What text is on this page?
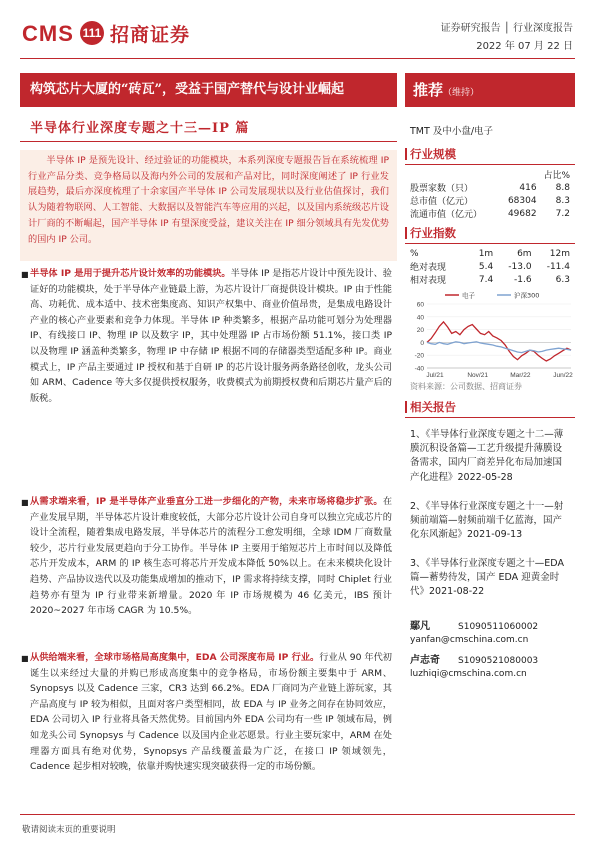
CMS 111 招商证券	证券研究报告 │ 行业深度报告
2022 年 07 月 22 日
构筑芯片大厦的“砖瓦”，受益于国产替代与设计业崛起
半导体行业深度专题之十三—IP 篇
半导体 IP 是预先设计、经过验证的功能模块，本系列深度专题报告旨在系统梳理 IP 行业产品分类、竞争格局以及海内外公司的发展和产品对比，同时深度阐述了 IP 行业发展趋势，最后亦深度梳理了十余家国产半导体 IP 公司发展现状以及行业估值探讨，我们认为随着物联网、人工智能、大数据以及智能汽车等应用的兴起，以及国内系统级芯片设计厂商的不断崛起，国产半导体 IP 有望深度受益，建议关注在 IP 细分领域具有先发优势的国内 IP 公司。
■ 半导体 IP 是用于提升芯片设计效率的功能模块。半导体 IP 是指芯片设计中预先设计、验证好的功能模块，处于半导体产业链最上游，为芯片设计厂商提供设计模块。IP 由于性能高、功耗优、成本适中、技术密集度高、知识产权集中、商业价值昂贵，是集成电路设计产业的核心产业要素和竞争力体现。半导体 IP 种类繁多，根据产品功能可划分为处理器 IP、有线接口 IP、物理 IP 以及数字 IP，其中处理器 IP 占市场份额 51.1%，接口类 IP 以及物理 IP 涵盖种类繁多，物理 IP 中存储 IP 根据不同的存储器类型适配多种 IP。商业模式上，IP 产品主要通过 IP 授权和基于自研 IP 的芯片设计服务两条路径创收，龙头公司如 ARM、Cadence 等大多仅提供授权服务，收费模式为前期授权费和后期芯片量产后的版税。
■ 从需求端来看，IP 是半导体产业垂直分工进一步细化的产物，未来市场将稳步扩张。在产业发展早期，半导体芯片设计难度较低，大部分芯片设计公司自身可以独立完成芯片的设计全流程，随着集成电路发展，半导体芯片的流程分工愈发明细，全球 IDM 厂商数量较少，芯片行业发展更趋向于分工协作。半导体 IP 主要用于缩短芯片上市时间以及降低芯片开发成本，ARM 的 IP 核生态可将芯片开发成本降低 50%以上。在未来模块化设计趋势、产品协议迭代以及功能集成增加的推动下，IP 需求将持续支撑，同时 Chiplet 行业趋势亦有望为 IP 行业带来新增量。2020 年 IP 市场规模为 46 亿美元，IBS 预计 2020~2027 年市场 CAGR 为 10.5%。
■ 从供给端来看，全球市场格局高度集中，EDA 公司深度布局 IP 行业。行业从 90 年代初诞生以来经过大量的并购已形成高度集中的竞争格局，市场份额主要集中于 ARM、Synopsys 以及 Cadence 三家，CR3 达到 66.2%。EDA 厂商同为产业链上游玩家，其产品高度与 IP 较为相似，且面对客户类型相同，故 EDA 与 IP 业务之间存在协同效应，EDA 公司切入 IP 行业将具备天然优势。目前国内外 EDA 公司均有一些 IP 领域布局，例如龙头公司 Synopsys 与 Cadence 以及国内企业芯愿景。行业主要玩家中，ARM 在处理器方面具有绝对优势，Synopsys 产品线覆盖最为广泛，在接口 IP 领域领先，Cadence 起步相对较晚，依靠并购快速实现突破获得一定的市场份额。
推荐（维持）
TMT 及中小盘/电子
行业规模
		占比%
股票家数（只）	416	8.8
总市值（亿元）	68304	8.3
流通市值（亿元）	49682	7.2
行业指数
%	1m	6m	12m
绝对表现	5.4	-13.0	-11.4
相对表现	7.4	-1.6	6.3
-40
-20
0
20
40
60
Jul/21	Nov/21	Mar/22	Jun/22
电子	沪深300
资料来源：公司数据、招商证券
相关报告
1、《半导体行业深度专题之十二—薄膜沉积设备篇—工艺升级提升薄膜设备需求，国内厂商差异化布局加速国产化进程》2022-05-28
2、《半导体行业深度专题之十一—射频前端篇—射频前端千亿蓝海，国产化东风渐起》2021-09-13
3、《半导体行业深度专题之十—EDA 篇—蓄势待发，国产 EDA 迎黄金时代》2021-08-22
鄢凡	S1090511060002
yanfan@cmschina.com.cn
卢志奇 S1090521080003
luzhiqi@cmschina.com.cn
敬请阅读末页的重要说明
